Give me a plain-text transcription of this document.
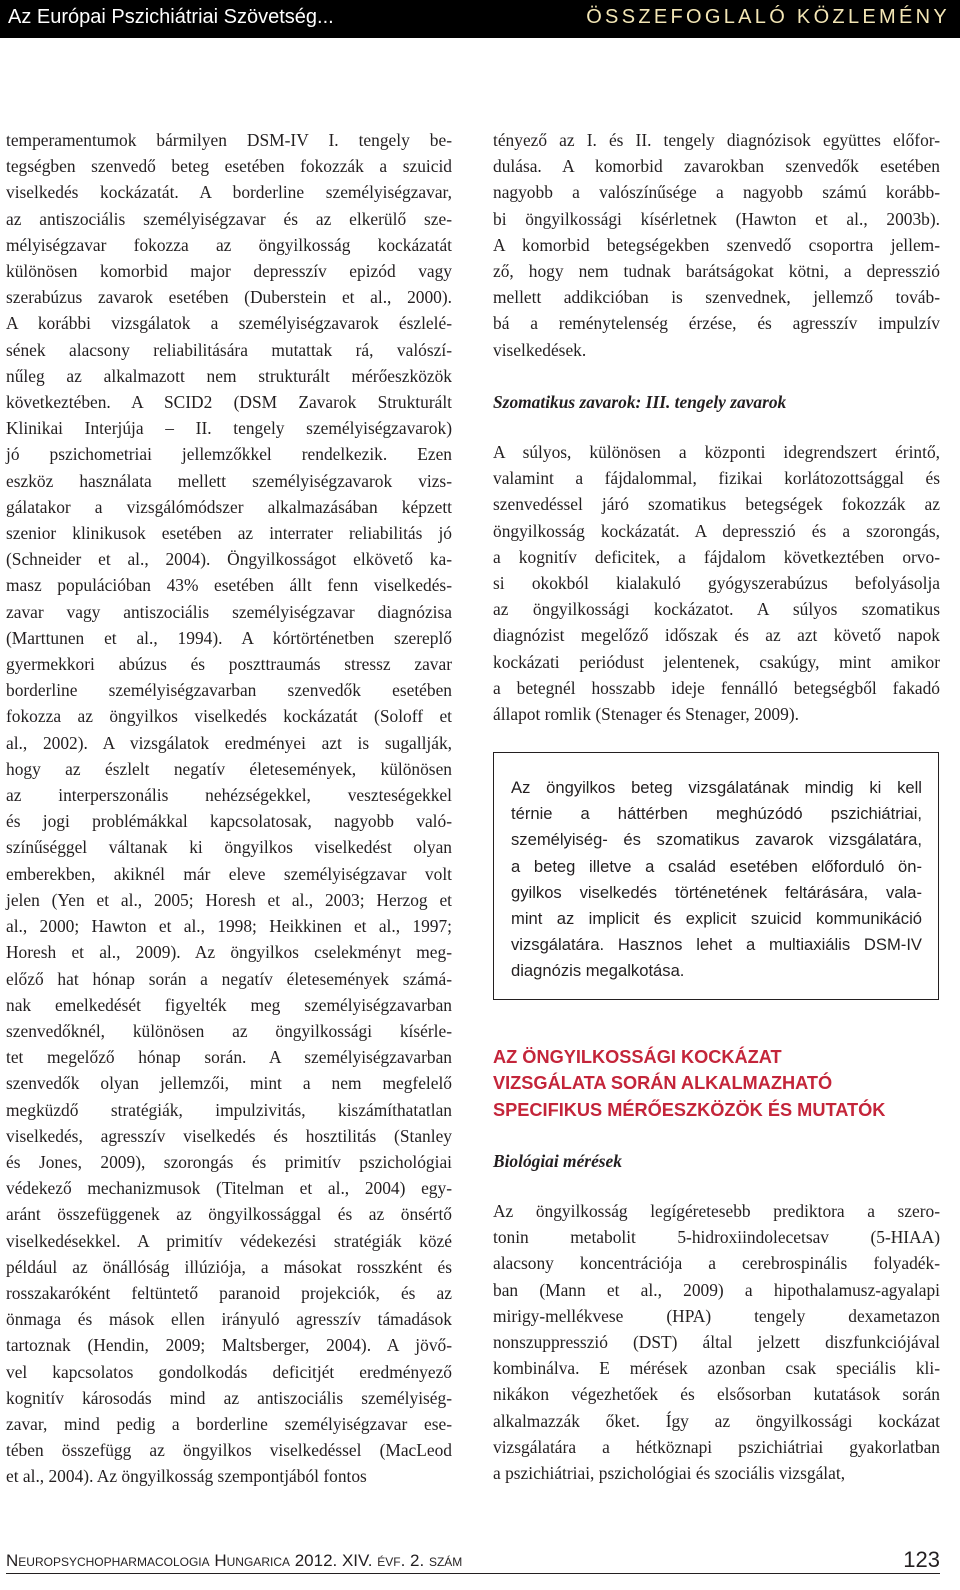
Az Európai Pszichiátriai Szövetség...	ÖSSZEFOGLALÓ KÖZLEMÉNY

temperamentumok bármilyen DSM-IV I. tengely be-
tegségben szenvedő beteg esetében fokozzák a szuicid
viselkedés kockázatát. A borderline személyiségzavar,
az antiszociális személyiségzavar és az elkerülő sze-
mélyiségzavar fokozza az öngyilkosság kockázatát
különösen komorbid major depresszív epizód vagy
szerabúzus zavarok esetében (Duberstein et al., 2000).
A korábbi vizsgálatok a személyiségzavarok észlelé-
sének alacsony reliabilitására mutattak rá, valószí-
nűleg az alkalmazott nem strukturált mérőeszközök
következtében. A SCID2 (DSM Zavarok Strukturált
Klinikai Interjúja – II. tengely személyiségzavarok)
jó pszichometriai jellemzőkkel rendelkezik. Ezen
eszköz használata mellett személyiségzavarok vizs-
gálatakor a vizsgálómódszer alkalmazásában képzett
szenior klinikusok esetében az interrater reliabilitás jó
(Schneider et al., 2004). Öngyilkosságot elkövető ka-
masz populációban 43% esetében állt fenn viselkedés-
zavar vagy antiszociális személyiségzavar diagnózisa
(Marttunen et al., 1994). A kórtörténetben szereplő
gyermekkori abúzus és poszttraumás stressz zavar
borderline személyiségzavarban szenvedők esetében
fokozza az öngyilkos viselkedés kockázatát (Soloff et
al., 2002). A vizsgálatok eredményei azt is sugallják,
hogy az észlelt negatív életesemények, különösen
az interperszonális nehézségekkel, veszteségekkel
és jogi problémákkal kapcsolatosak, nagyobb való-
színűséggel váltanak ki öngyilkos viselkedést olyan
emberekben, akiknél már eleve személyiségzavar volt
jelen (Yen et al., 2005; Horesh et al., 2003; Herzog et
al., 2000; Hawton et al., 1998; Heikkinen et al., 1997;
Horesh et al., 2009). Az öngyilkos cselekményt meg-
előző hat hónap során a negatív életesemények számá-
nak emelkedését figyelték meg személyiségzavarban
szenvedőknél, különösen az öngyilkossági kísérle-
tet megelőző hónap során. A személyiségzavarban
szenvedők olyan jellemzői, mint a nem megfelelő
megküzdő stratégiák, impulzivitás, kiszámíthatatlan
viselkedés, agresszív viselkedés és hosztilitás (Stanley
és Jones, 2009), szorongás és primitív pszichológiai
védekező mechanizmusok (Titelman et al., 2004) egy-
aránt összefüggenek az öngyilkossággal és az önsértő
viselkedésekkel. A primitív védekezési stratégiák közé
például az önállóság illúziója, a másokat rosszként és
rosszakaróként feltüntető paranoid projekciók, és az
önmaga és mások ellen irányuló agresszív támadások
tartoznak (Hendin, 2009; Maltsberger, 2004). A jövő-
vel kapcsolatos gondolkodás deficitjét eredményező
kognitív károsodás mind az antiszociális személyiség-
zavar, mind pedig a borderline személyiségzavar ese-
tében összefügg az öngyilkos viselkedéssel (MacLeod
et al., 2004). Az öngyilkosság szempontjából fontos

tényező az I. és II. tengely diagnózisok együttes előfor-
dulása. A komorbid zavarokban szenvedők esetében
nagyobb a valószínűsége a nagyobb számú korább-
bi öngyilkossági kísérletnek (Hawton et al., 2003b).
A komorbid betegségekben szenvedő csoportra jellem-
ző, hogy nem tudnak barátságokat kötni, a depresszió
mellett addikcióban is szenvednek, jellemző továb-
bá a reménytelenség érzése, és agresszív impulzív
viselkedések.

Szomatikus zavarok: III. tengely zavarok

A súlyos, különösen a központi idegrendszert érintő,
valamint a fájdalommal, fizikai korlátozottsággal és
szenvedéssel járó szomatikus betegségek fokozzák az
öngyilkosság kockázatát. A depresszió és a szorongás,
a kognitív deficitek, a fájdalom következtében orvo-
si okokból kialakuló gyógyszerabúzus befolyásolja
az öngyilkossági kockázatot. A súlyos szomatikus
diagnózist megelőző időszak és az azt követő napok
kockázati periódust jelentenek, csakúgy, mint amikor
a betegnél hosszabb ideje fennálló betegségből fakadó
állapot romlik (Stenager és Stenager, 2009).

Az öngyilkos beteg vizsgálatának mindig ki kell
térnie a háttérben meghúzódó pszichiátriai,
személyiség- és szomatikus zavarok vizsgálatára,
a beteg illetve a család esetében előforduló ön-
gyilkos viselkedés történetének feltárására, vala-
mint az implicit és explicit szuicid kommunikáció
vizsgálatára. Hasznos lehet a multiaxiális DSM-IV
diagnózis megalkotása.
AZ ÖNGYILKOSSÁGI KOCKÁZAT
VIZSGÁLATA SORÁN ALKALMAZHATÓ
SPECIFIKUS MÉRŐESZKÖZÖK ÉS MUTATÓK
Biológiai mérések

Az öngyilkosság legígéretesebb prediktora a szero-
tonin metabolit 5-hidroxiindolecetsav (5-HIAA)
alacsony koncentrációja a cerebrospinális folyadék-
ban (Mann et al., 2009) a hipothalamusz-agyalapi
mirigy-mellékvese (HPA) tengely dexametazon
nonszuppresszió (DST) által jelzett diszfunkciójával
kombinálva. E mérések azonban csak speciális kli-
nikákon végezhetőek és elsősorban kutatások során
alkalmazzák őket. Így az öngyilkossági kockázat
vizsgálatára a hétköznapi pszichiátriai gyakorlatban
a pszichiátriai, pszichológiai és szociális vizsgálat,

Neuropsychopharmacologia Hungarica 2012. XIV. évf. 2. szám	123
